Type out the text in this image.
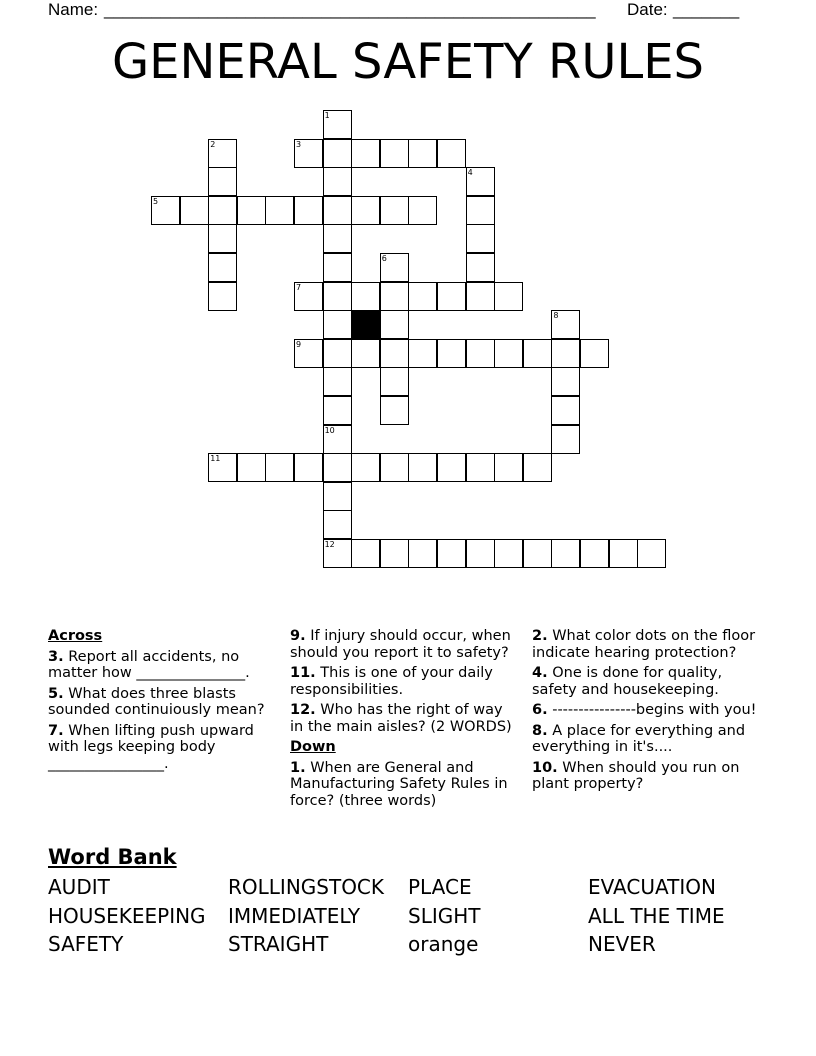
Name: ____________________________________________________ Date: _______
GENERAL SAFETY RULES
3
5
7
9
11
12
1
2
4
6
8
10
Across
3. Report all accidents, no matter how _______________.
5. What does three blasts sounded continuiously mean?
7. When lifting push upward with legs keeping body ________________.
9. If injury should occur, when should you report it to safety?
11. This is one of your daily responsibilities.
12. Who has the right of way in the main aisles? (2 WORDS)
Down
1. When are General and Manufacturing Safety Rules in force? (three words)
2. What color dots on the floor indicate hearing protection?
4. One is done for quality, safety and housekeeping.
6. ----------------begins with you!
8. A place for everything and everything in it's....
10. When should you run on plant property?
Word Bank
AUDIT
HOUSEKEEPING
SAFETY
ROLLINGSTOCK
IMMEDIATELY
STRAIGHT
PLACE
SLIGHT
orange
EVACUATION
ALL THE TIME
NEVER
